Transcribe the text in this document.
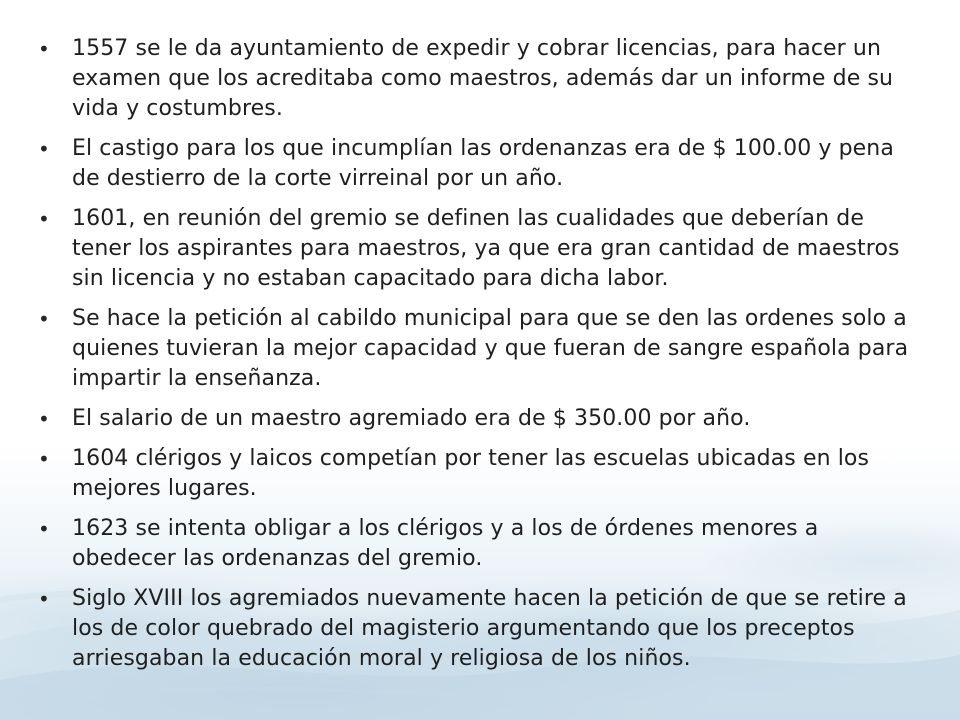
• 1557 se le da ayuntamiento de expedir y cobrar licencias, para hacer un examen que los acreditaba como maestros, además dar un informe de su vida y costumbres.
• El castigo para los que incumplían las ordenanzas era de $ 100.00 y pena de destierro de la corte virreinal por un año.
• 1601, en reunión del gremio se definen las cualidades que deberían de tener los aspirantes para maestros, ya que era gran cantidad de maestros sin licencia y no estaban capacitado para dicha labor.
• Se hace la petición al cabildo municipal para que se den las ordenes solo a quienes tuvieran la mejor capacidad y que fueran de sangre española para impartir la enseñanza.
• El salario de un maestro agremiado era de $ 350.00 por año.
• 1604 clérigos y laicos competían por tener las escuelas ubicadas en los mejores lugares.
• 1623 se intenta obligar a los clérigos y a los de órdenes menores a obedecer las ordenanzas del gremio.
• Siglo XVIII los agremiados nuevamente hacen la petición de que se retire a los de color quebrado del magisterio argumentando que los preceptos arriesgaban la educación moral y religiosa de los niños.
